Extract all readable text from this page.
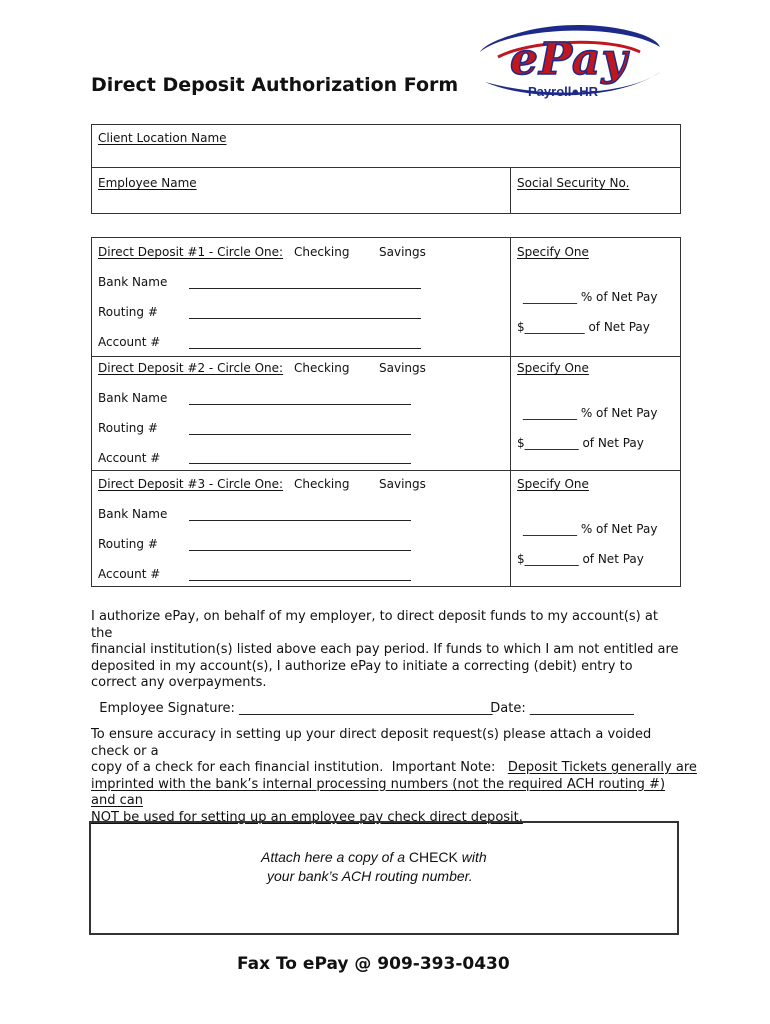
Direct Deposit Authorization Form ePay
Payroll●HR
Client Location Name
Employee Name	Social Security No.
Direct Deposit #1 - Circle One: Checking Savings	Specify One
Bank Name
Routing #
Account #
_________ % of Net Pay
$__________ of Net Pay
Direct Deposit #2 - Circle One: Checking Savings	Specify One
Bank Name
Routing #
Account #
_________ % of Net Pay
$_________ of Net Pay
Direct Deposit #3 - Circle One: Checking Savings	Specify One
Bank Name
Routing #
Account #
_________ % of Net Pay
$_________ of Net Pay
I authorize ePay, on behalf of my employer, to direct deposit funds to my account(s) at the
financial institution(s) listed above each pay period. If funds to which I am not entitled are
deposited in my account(s), I authorize ePay to initiate a correcting (debit) entry to
correct any overpayments.

Employee Signature: _______________________________________

Date: ________________

To ensure accuracy in setting up your direct deposit request(s) please attach a voided check or a
copy of a check for each financial institution.  Important Note:   Deposit Tickets generally are
imprinted with the bank’s internal processing numbers (not the required ACH routing #) and can
NOT be used for setting up an employee pay check direct deposit.
Attach here a copy of a CHECK with
your bank’s ACH routing number.
Fax To ePay @ 909-393-0430
